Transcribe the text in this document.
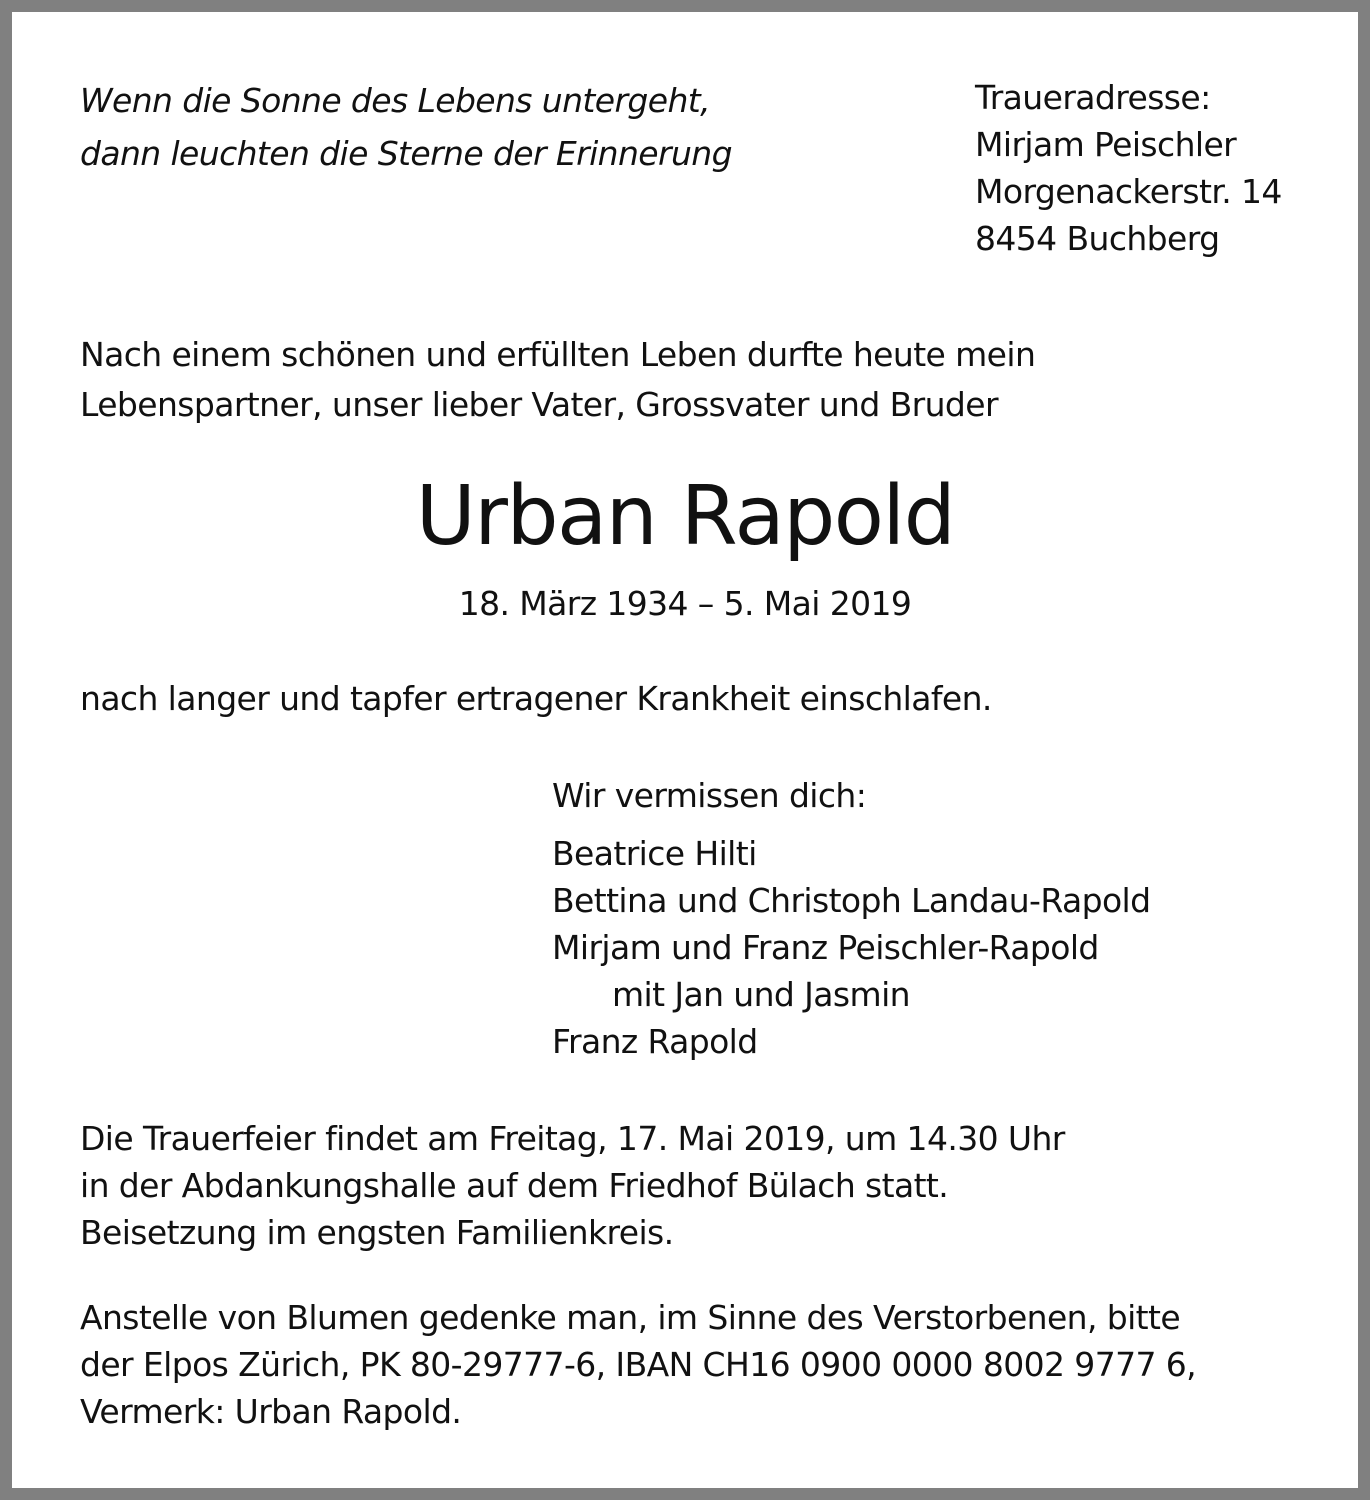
Wenn die Sonne des Lebens untergeht,
dann leuchten die Sterne der Erinnerung
Traueradresse:
Mirjam Peischler
Morgenackerstr. 14
8454 Buchberg
Nach einem schönen und erfüllten Leben durfte heute mein
Lebenspartner, unser lieber Vater, Grossvater und Bruder
Urban Rapold
18. März 1934 – 5. Mai 2019
nach langer und tapfer ertragener Krankheit einschlafen.
Wir vermissen dich:
Beatrice Hilti
Bettina und Christoph Landau-Rapold
Mirjam und Franz Peischler-Rapold
mit Jan und Jasmin
Franz Rapold
Die Trauerfeier findet am Freitag, 17. Mai 2019, um 14.30 Uhr
in der Abdankungshalle auf dem Friedhof Bülach statt.
Beisetzung im engsten Familienkreis.
Anstelle von Blumen gedenke man, im Sinne des Verstorbenen, bitte
der Elpos Zürich, PK 80-29777-6, IBAN CH16 0900 0000 8002 9777 6,
Vermerk: Urban Rapold.
